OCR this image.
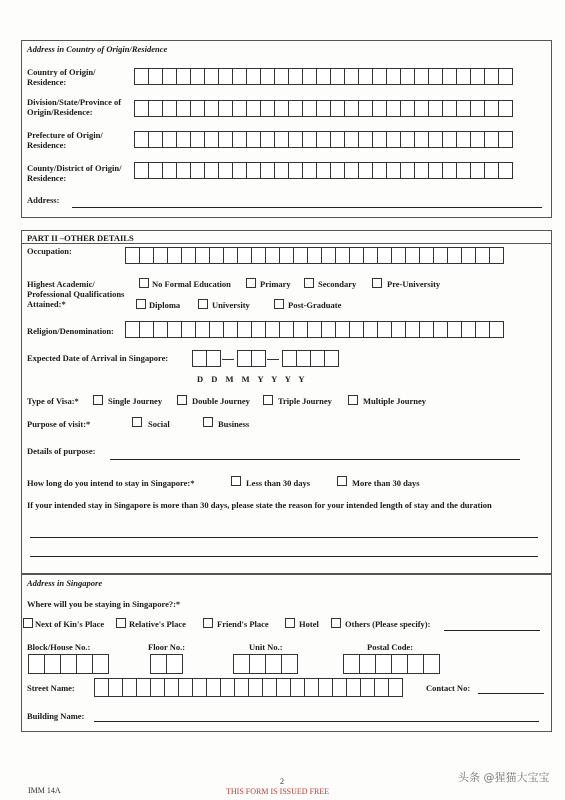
Address in Country of Origin/Residence
Country of Origin/ Residence:
Division/State/Province of Origin/Residence:
Prefecture of Origin/ Residence:
County/District of Origin/ Residence:
Address:
PART II –OTHER DETAILS
Occupation:
Highest Academic/ Professional Qualifications Attained:*
No Formal Education	Primary	Secondary	Pre-University
Diploma	University	Post-Graduate
Religion/Denomination:
Expected Date of Arrival in Singapore:
D D M M Y Y Y Y
Type of Visa:*	Single Journey	Double Journey	Triple Journey	Multiple Journey
Purpose of visit:*	Social	Business
Details of purpose:
How long do you intend to stay in Singapore:*	Less than 30 days	More than 30 days
If your intended stay in Singapore is more than 30 days, please state the reason for your intended length of stay and the duration
Address in Singapore
Where will you be staying in Singapore?:*
Next of Kin's Place	Relative's Place	Friend's Place	Hotel	Others (Please specify):
Block/House No.:	Floor No.:	Unit No.:	Postal Code:
Street Name:	Contact No:
Building Name:
IMM 14A
2
THIS FORM IS ISSUED FREE
头条 @猩猫大宝宝
